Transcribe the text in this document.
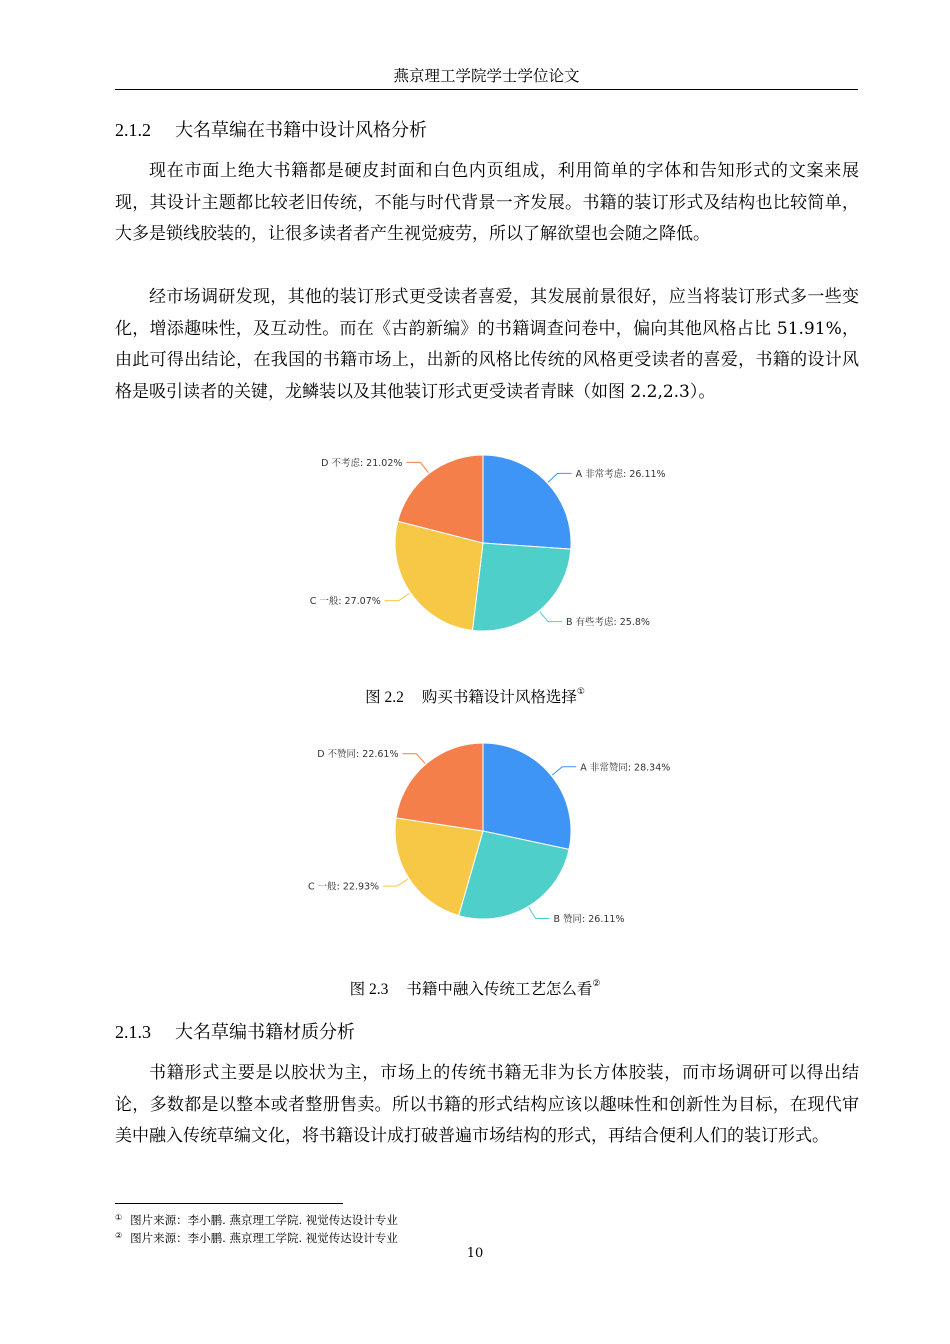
燕京理工学院学士学位论文
2.1.2 大名草编在书籍中设计风格分析

现在市面上绝大书籍都是硬皮封面和白色内页组成，利用简单的字体和告知形式的文案来展现，其设计主题都比较老旧传统，不能与时代背景一齐发展。书籍的装订形式及结构也比较简单，大多是锁线胶装的，让很多读者者产生视觉疲劳，所以了解欲望也会随之降低。

经市场调研发现，其他的装订形式更受读者喜爱，其发展前景很好，应当将装订形式多一些变化，增添趣味性，及互动性。而在《古韵新编》的书籍调查问卷中，偏向其他风格占比 51.91%，由此可得出结论，在我国的书籍市场上，出新的风格比传统的风格更受读者的喜爱，书籍的设计风格是吸引读者的关键，龙鳞装以及其他装订形式更受读者青睐（如图 2.2,2.3）。

A 非常考虑: 26.11%
B 有些考虑: 25.8%
C 一般: 27.07%
D 不考虑: 21.02%
图 2.2 购买书籍设计风格选择①
A 非常赞同: 28.34%
B 赞同: 26.11%
C 一般: 22.93%
D 不赞同: 22.61%
图 2.3 书籍中融入传统工艺怎么看②
2.1.3 大名草编书籍材质分析

书籍形式主要是以胶状为主，市场上的传统书籍无非为长方体胶装，而市场调研可以得出结论，多数都是以整本或者整册售卖。所以书籍的形式结构应该以趣味性和创新性为目标，在现代审美中融入传统草编文化，将书籍设计成打破普遍市场结构的形式，再结合便利人们的装订形式。

① 图片来源：李小鹏. 燕京理工学院. 视觉传达设计专业
② 图片来源：李小鹏. 燕京理工学院. 视觉传达设计专业
10
